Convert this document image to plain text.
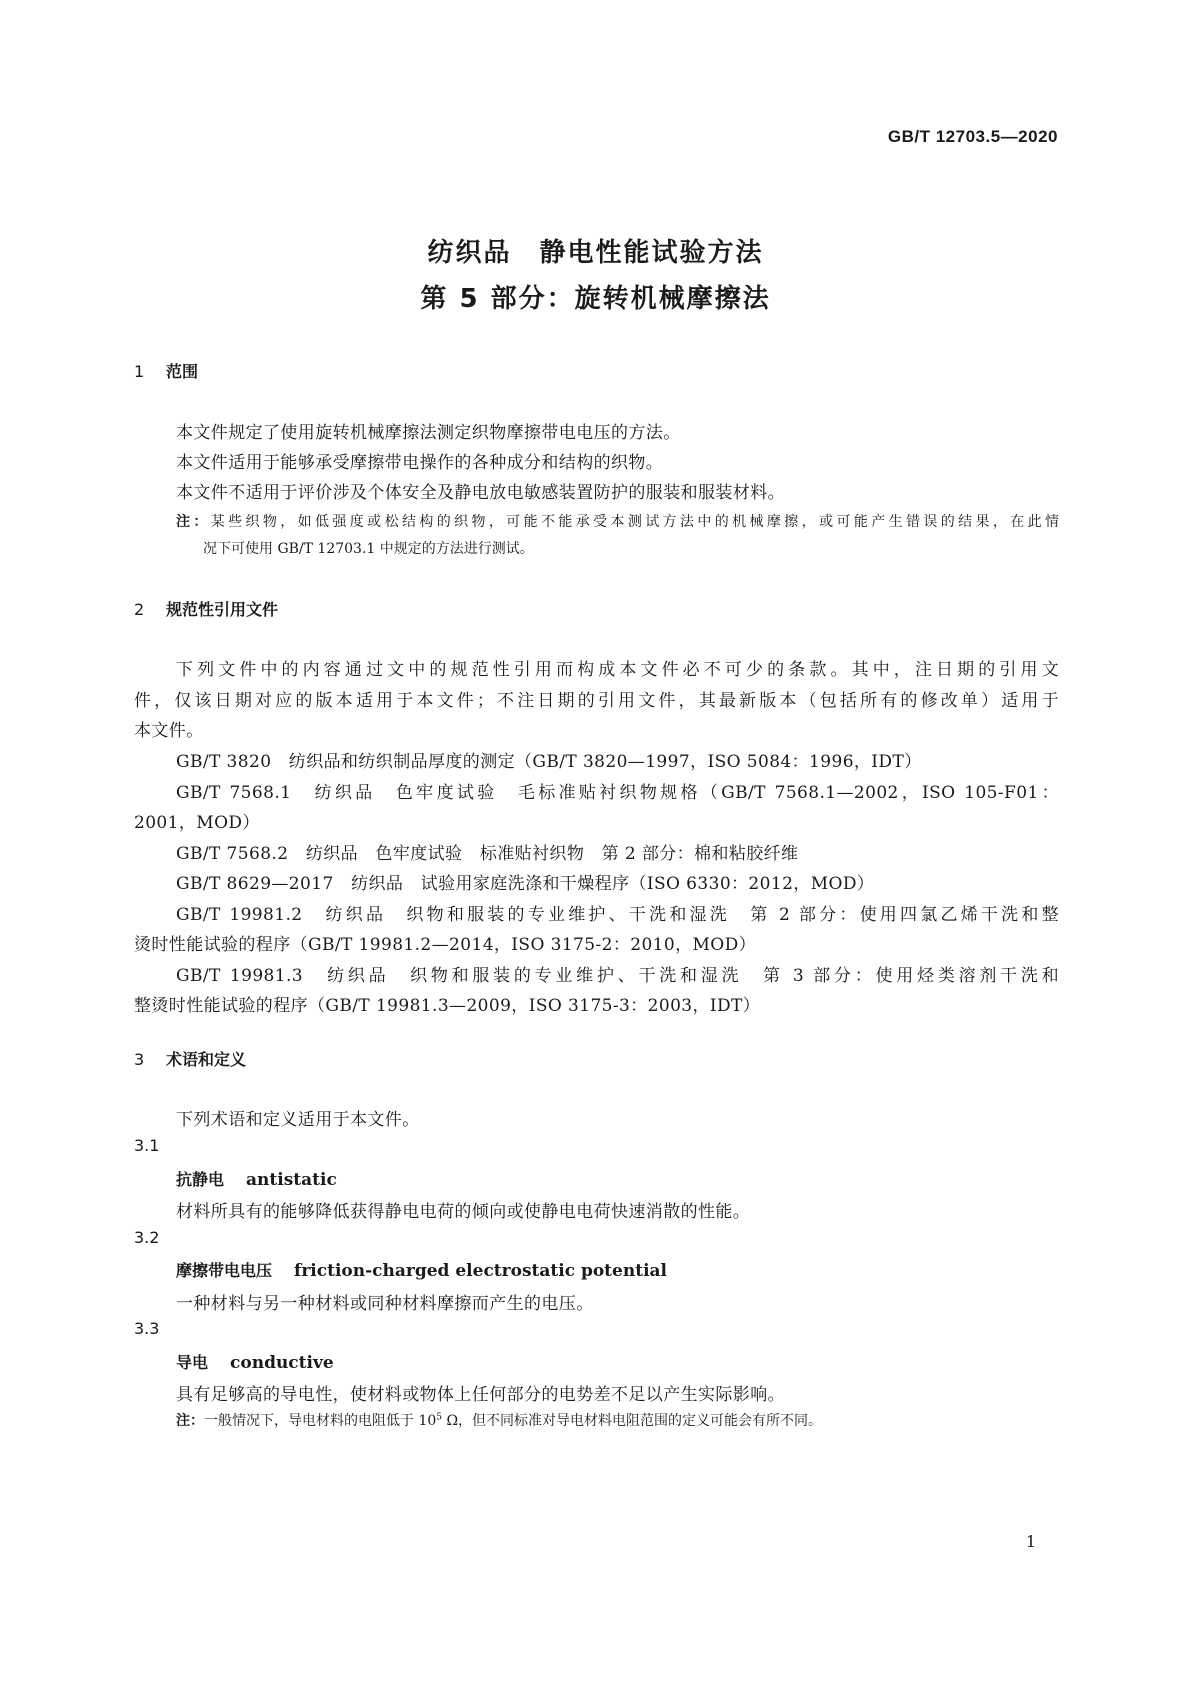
GB/T 12703.5—2020
纺织品　静电性能试验方法
第 5 部分：旋转机械摩擦法
1 范围
本文件规定了使用旋转机械摩擦法测定织物摩擦带电电压的方法。
本文件适用于能够承受摩擦带电操作的各种成分和结构的织物。
本文件不适用于评价涉及个体安全及静电放电敏感装置防护的服装和服装材料。
注：某些织物，如低强度或松结构的织物，可能不能承受本测试方法中的机械摩擦，或可能产生错误的结果，在此情
况下可使用 GB/T 12703.1 中规定的方法进行测试。
2 规范性引用文件
下列文件中的内容通过文中的规范性引用而构成本文件必不可少的条款。其中，注日期的引用文
件，仅该日期对应的版本适用于本文件；不注日期的引用文件，其最新版本（包括所有的修改单）适用于
本文件。
GB/T 3820　纺织品和纺织制品厚度的测定（GB/T 3820—1997，ISO 5084：1996，IDT）
GB/T 7568.1　纺织品　色牢度试验　毛标准贴衬织物规格（GB/T 7568.1—2002，ISO 105-F01：
2001，MOD）
GB/T 7568.2　纺织品　色牢度试验　标准贴衬织物　第 2 部分：棉和粘胶纤维
GB/T 8629—2017　纺织品　试验用家庭洗涤和干燥程序（ISO 6330：2012，MOD）
GB/T 19981.2　纺织品　织物和服装的专业维护、干洗和湿洗　第 2 部分：使用四氯乙烯干洗和整
烫时性能试验的程序（GB/T 19981.2—2014，ISO 3175-2：2010，MOD）
GB/T 19981.3　纺织品　织物和服装的专业维护、干洗和湿洗　第 3 部分：使用烃类溶剂干洗和
整烫时性能试验的程序（GB/T 19981.3—2009，ISO 3175-3：2003，IDT）
3 术语和定义
下列术语和定义适用于本文件。
3.1
抗静电 antistatic
材料所具有的能够降低获得静电电荷的倾向或使静电电荷快速消散的性能。
3.2
摩擦带电电压 friction-charged electrostatic potential
一种材料与另一种材料或同种材料摩擦而产生的电压。
3.3
导电 conductive
具有足够高的导电性，使材料或物体上任何部分的电势差不足以产生实际影响。
注：一般情况下，导电材料的电阻低于 $10^5$ Ω，但不同标准对导电材料电阻范围的定义可能会有所不同。
1
